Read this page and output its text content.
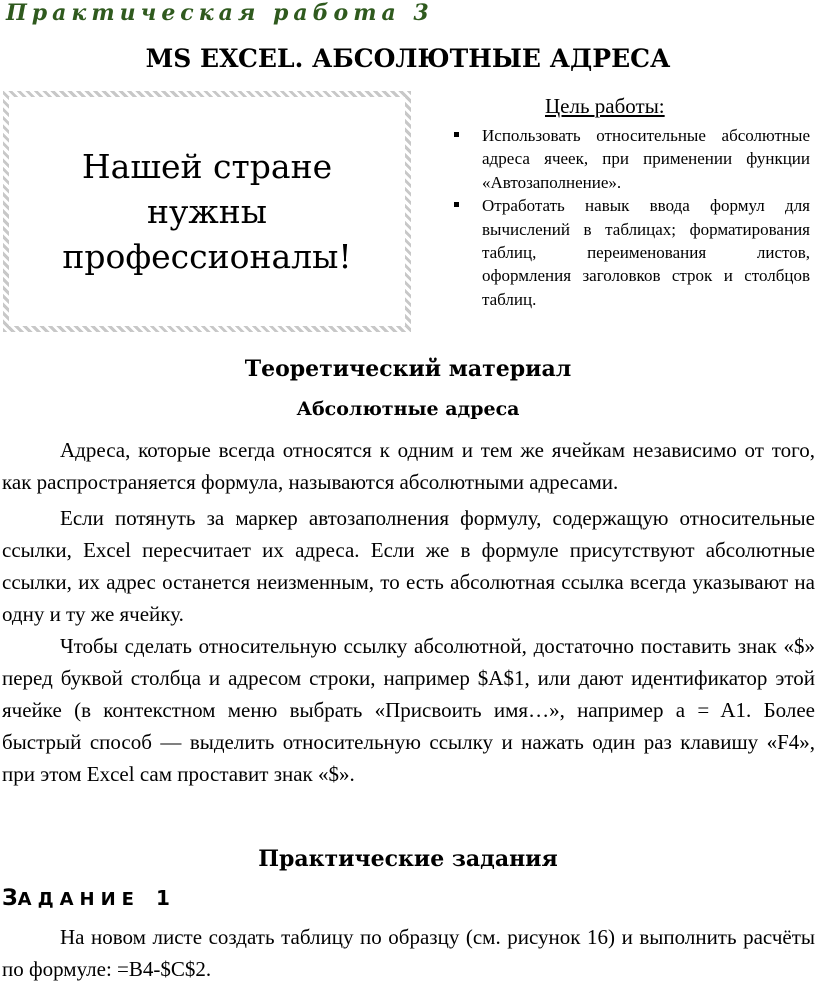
Практическая работа 3
MS EXCEL. АБСОЛЮТНЫЕ АДРЕСА
Нашей стране
нужны
профессионалы!
Цель работы:
Использовать относительные абсолютные адреса ячеек, при применении функции «Автозаполнение».
Отработать навык ввода формул для вычислений в таблицах; форматирования таблиц, переименования листов, оформления заголовков строк и столбцов таблиц.
Теоретический материал
Абсолютные адреса

Адреса, которые всегда относятся к одним и тем же ячейкам независимо от того, как распространяется формула, называются абсолютными адресами.

Если потянуть за маркер автозаполнения формулу, содержащую относительные ссылки, Excel пересчитает их адреса. Если же в формуле присутствуют абсолютные ссылки, их адрес останется неизменным, то есть абсолютная ссылка всегда указывают на одну и ту же ячейку.

Чтобы сделать относительную ссылку абсолютной, достаточно поставить знак «$» перед буквой столбца и адресом строки, например $A$1, или дают идентификатор этой ячейке (в контекстном меню выбрать «Присвоить имя…», например a = A1. Более быстрый способ — выделить относительную ссылку и нажать один раз клавишу «F4», при этом Excel сам проставит знак «$».

Практические задания
ЗАДАНИЕ 1

На новом листе создать таблицу по образцу (см. рисунок 16) и выполнить расчёты по формуле: =B4-$C$2.
